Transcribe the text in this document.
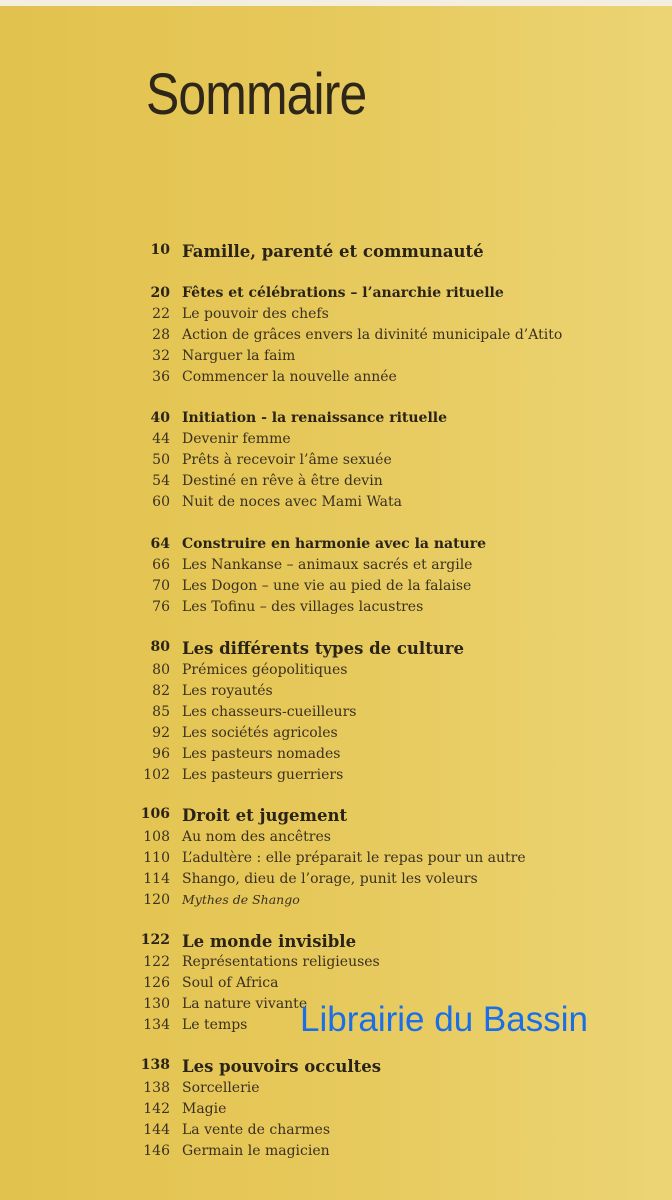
Sommaire
10 Famille, parenté et communauté
20 Fêtes et célébrations – l’anarchie rituelle
22 Le pouvoir des chefs
28 Action de grâces envers la divinité municipale d’Atito
32 Narguer la faim
36 Commencer la nouvelle année
40 Initiation - la renaissance rituelle
44 Devenir femme
50 Prêts à recevoir l’âme sexuée
54 Destiné en rêve à être devin
60 Nuit de noces avec Mami Wata
64 Construire en harmonie avec la nature
66 Les Nankanse – animaux sacrés et argile
70 Les Dogon – une vie au pied de la falaise
76 Les Tofinu – des villages lacustres
80 Les différents types de culture
80 Prémices géopolitiques
82 Les royautés
85 Les chasseurs-cueilleurs
92 Les sociétés agricoles
96 Les pasteurs nomades
102 Les pasteurs guerriers
106 Droit et jugement
108 Au nom des ancêtres
110 L’adultère : elle préparait le repas pour un autre
114 Shango, dieu de l’orage, punit les voleurs
120 Mythes de Shango
122 Le monde invisible
122 Représentations religieuses
126 Soul of Africa
130 La nature vivante
134 Le temps
138 Les pouvoirs occultes
138 Sorcellerie
142 Magie
144 La vente de charmes
146 Germain le magicien
Librairie du Bassin
